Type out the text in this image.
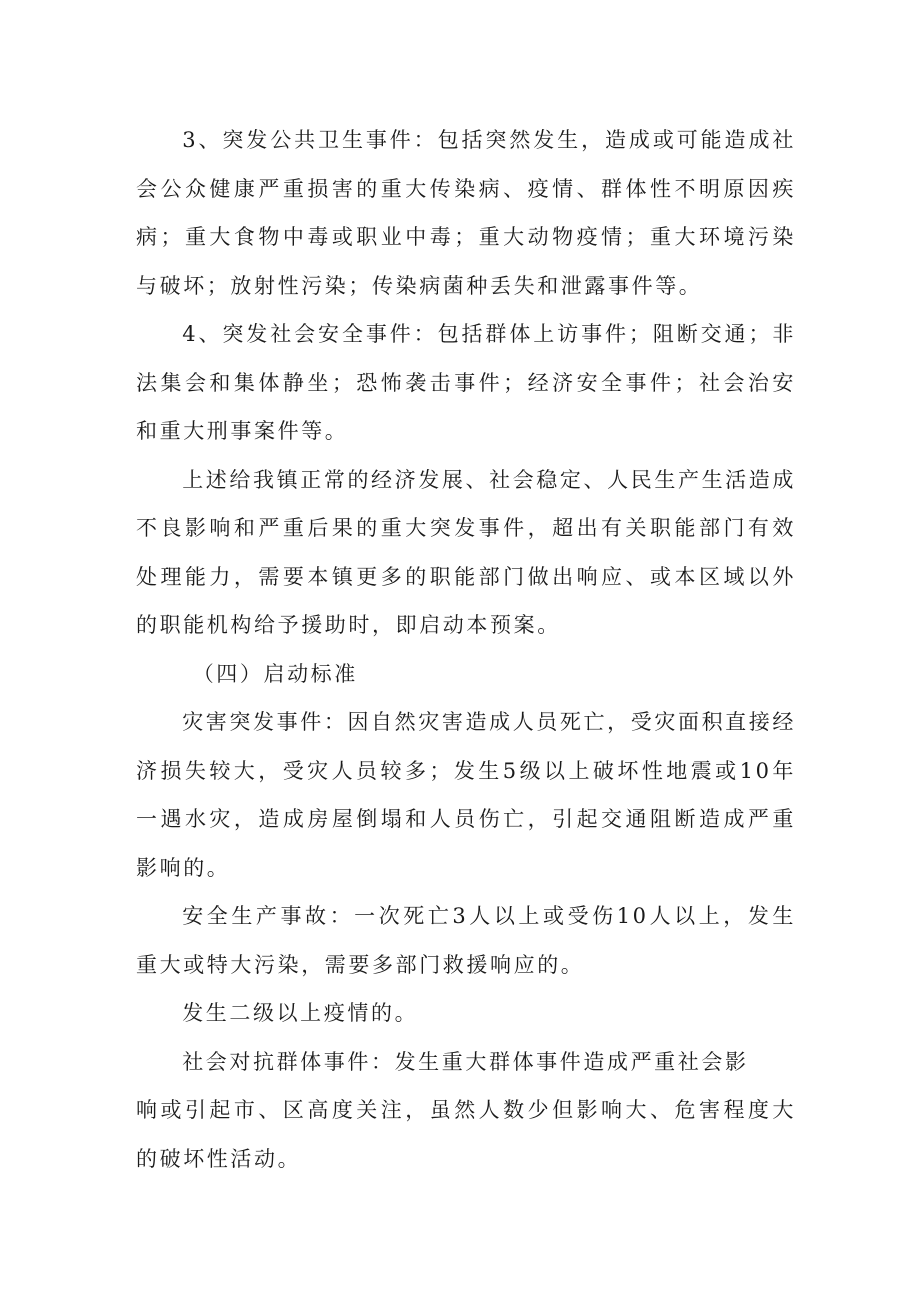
3、突发公共卫生事件：包括突然发生，造成或可能造成社会公众健康严重损害的重大传染病、疫情、群体性不明原因疾病；重大食物中毒或职业中毒；重大动物疫情；重大环境污染与破坏；放射性污染；传染病菌种丢失和泄露事件等。

4、突发社会安全事件：包括群体上访事件；阻断交通；非法集会和集体静坐；恐怖袭击事件；经济安全事件；社会治安和重大刑事案件等。

上述给我镇正常的经济发展、社会稳定、人民生产生活造成不良影响和严重后果的重大突发事件，超出有关职能部门有效处理能力，需要本镇更多的职能部门做出响应、或本区域以外的职能机构给予援助时，即启动本预案。

（四）启动标准

灾害突发事件：因自然灾害造成人员死亡，受灾面积直接经济损失较大，受灾人员较多；发生5级以上破坏性地震或10年一遇水灾，造成房屋倒塌和人员伤亡，引起交通阻断造成严重影响的。

安全生产事故：一次死亡3人以上或受伤10人以上，发生重大或特大污染，需要多部门救援响应的。

发生二级以上疫情的。

社会对抗群体事件：发生重大群体事件造成严重社会影
响或引起市、区高度关注，虽然人数少但影响大、危害程度大的破坏性活动。
